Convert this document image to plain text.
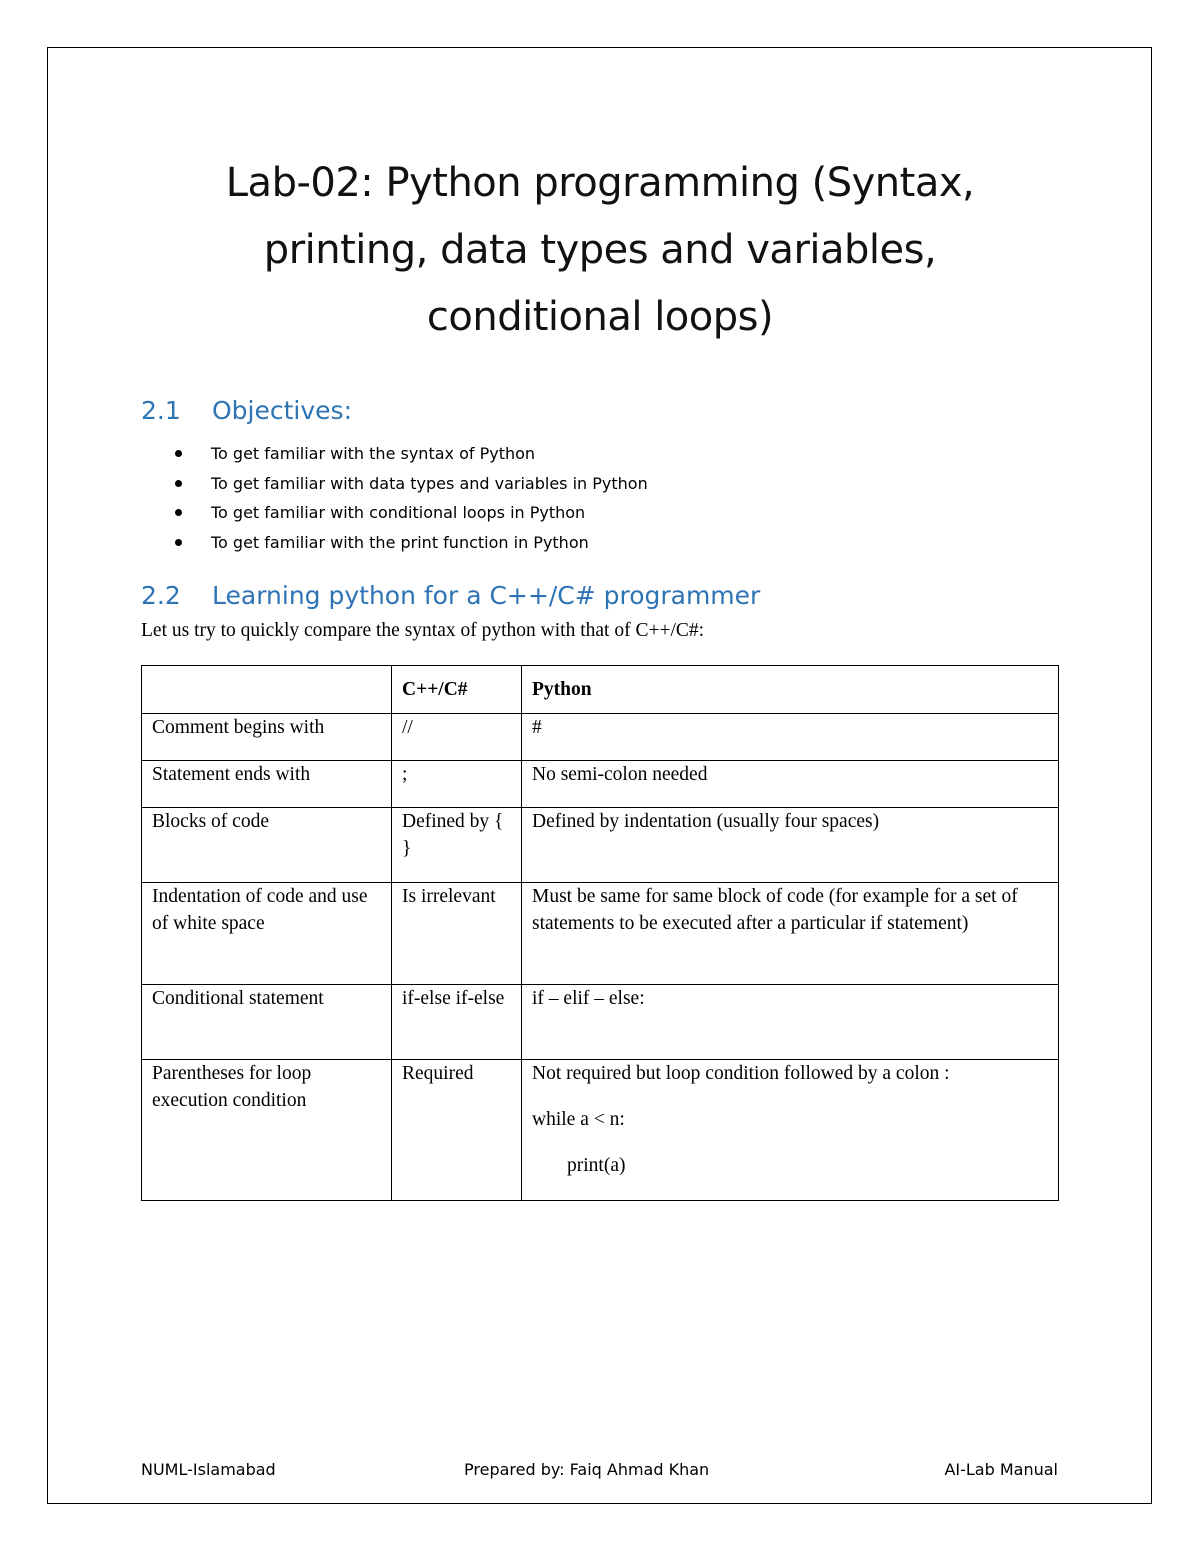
Lab-02: Python programming (Syntax,
printing, data types and variables,
conditional loops)
2.1 Objectives:
To get familiar with the syntax of Python
To get familiar with data types and variables in Python
To get familiar with conditional loops in Python
To get familiar with the print function in Python
2.2 Learning python for a C++/C# programmer
Let us try to quickly compare the syntax of python with that of C++/C#:
	C++/C#	Python
Comment begins with	//	#
Statement ends with	;	No semi-colon needed
Blocks of code	Defined by { }	Defined by indentation (usually four spaces)
Indentation of code and use of white space	Is irrelevant	Must be same for same block of code (for example for a set of statements to be executed after a particular if statement)
Conditional statement	if-else if-else	if – elif – else:
Parentheses for loop execution condition	Required	Not required but loop condition followed by a colon :
while a < n:
print(a)
NUML-Islamabad	Prepared by: Faiq Ahmad Khan	AI-Lab Manual
